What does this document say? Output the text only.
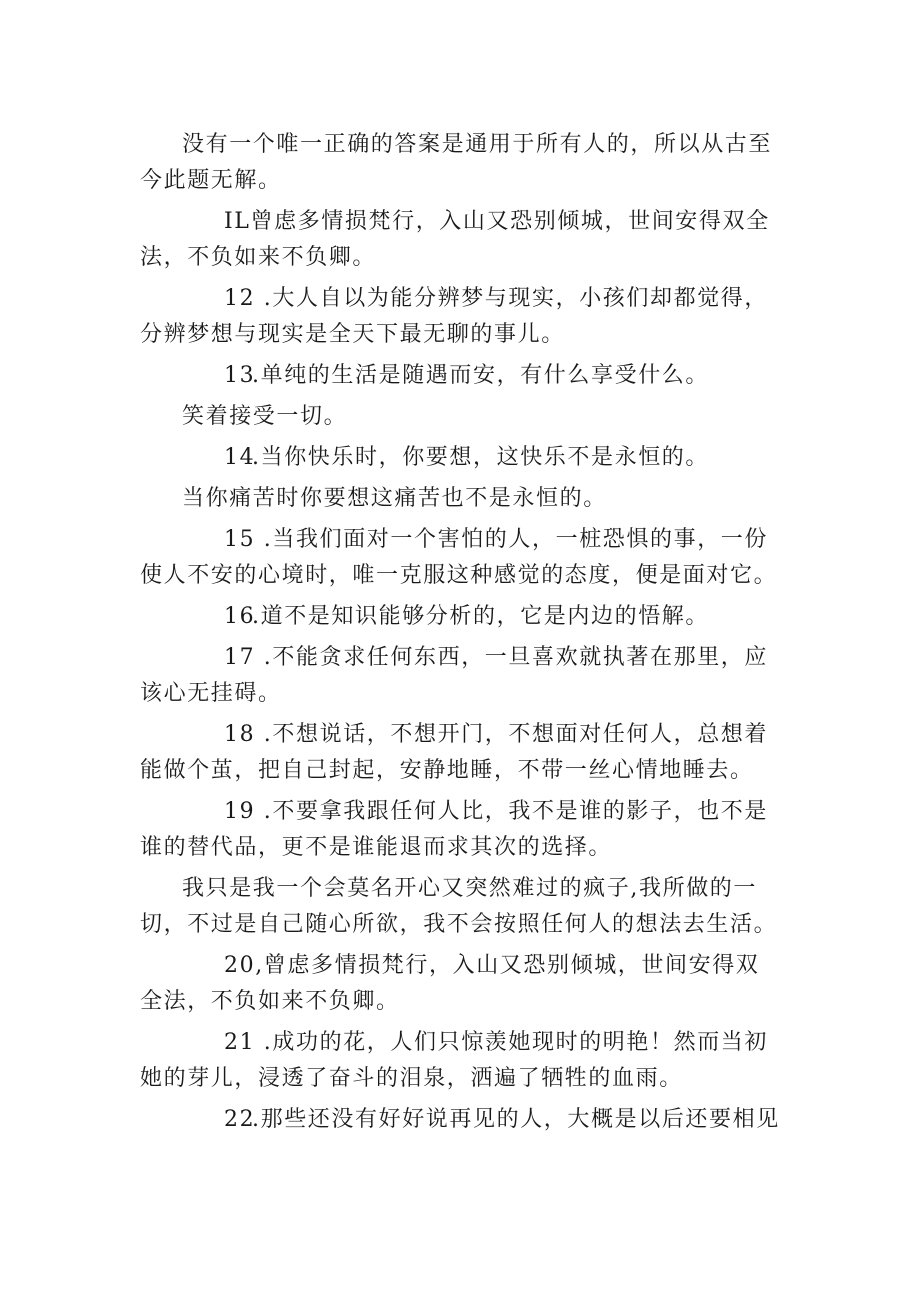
没有一个唯一正确的答案是通用于所有人的，所以从古至今此题无解。

IL曾虑多情损梵行，入山又恐别倾城，世间安得双全法，不负如来不负卿。

12 .大人自以为能分辨梦与现实，小孩们却都觉得，分辨梦想与现实是全天下最无聊的事儿。

13.单纯的生活是随遇而安，有什么享受什么。

笑着接受一切。

14.当你快乐时，你要想，这快乐不是永恒的。

当你痛苦时你要想这痛苦也不是永恒的。

15 .当我们面对一个害怕的人，一桩恐惧的事，一份使人不安的心境时，唯一克服这种感觉的态度，便是面对它。

16.道不是知识能够分析的，它是内边的悟解。

17 .不能贪求任何东西，一旦喜欢就执著在那里，应该心无挂碍。

18 .不想说话，不想开门，不想面对任何人，总想着能做个茧，把自己封起，安静地睡，不带一丝心情地睡去。

19 .不要拿我跟任何人比，我不是谁的影子，也不是谁的替代品，更不是谁能退而求其次的选择。

我只是我一个会莫名开心又突然难过的疯子,我所做的一切，不过是自己随心所欲，我不会按照任何人的想法去生活。

20,曾虑多情损梵行，入山又恐别倾城，世间安得双全法，不负如来不负卿。

21 .成功的花，人们只惊羡她现时的明艳！然而当初她的芽儿，浸透了奋斗的泪泉，洒遍了牺牲的血雨。

22.那些还没有好好说再见的人，大概是以后还要相见
